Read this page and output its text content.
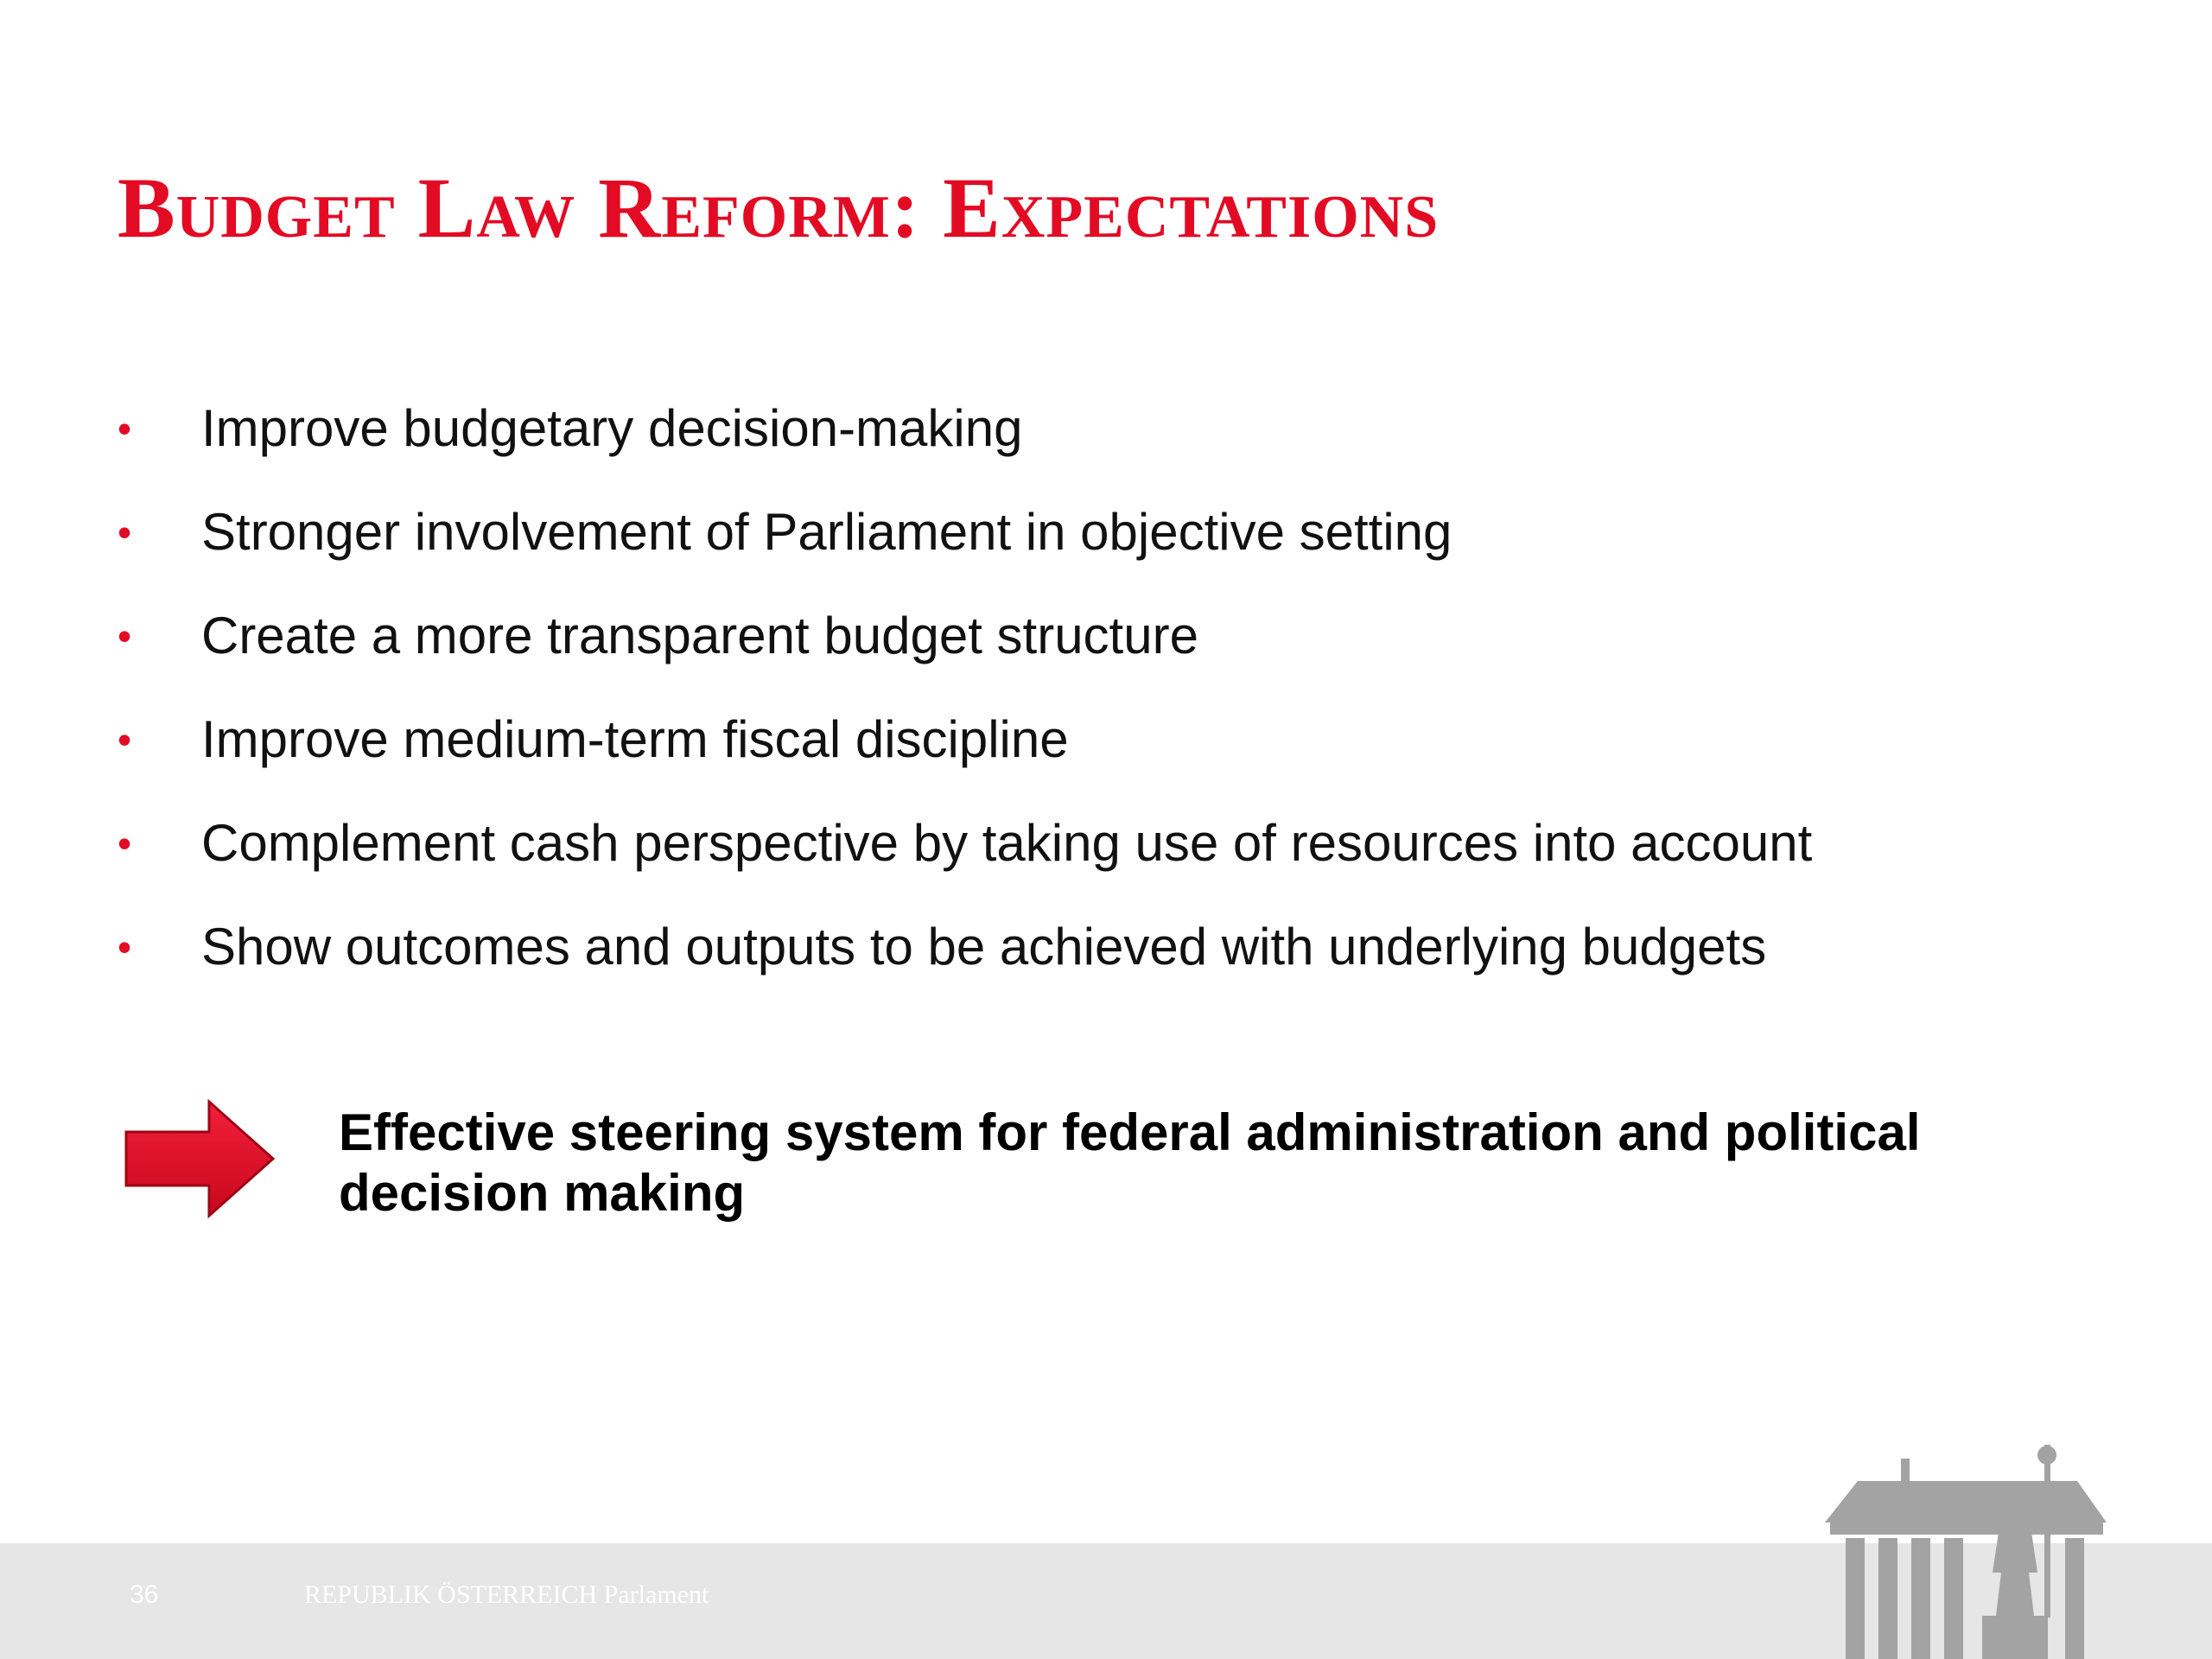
Budget Law Reform: Expectations
• Improve budgetary decision-making
• Stronger involvement of Parliament in objective setting
• Create a more transparent budget structure
• Improve medium-term fiscal discipline
• Complement cash perspective by taking use of resources into account
• Show outcomes and outputs to be achieved with underlying budgets

Effective steering system for federal administration and political decision making

36	REPUBLIK ÖSTERREICH Parlament
